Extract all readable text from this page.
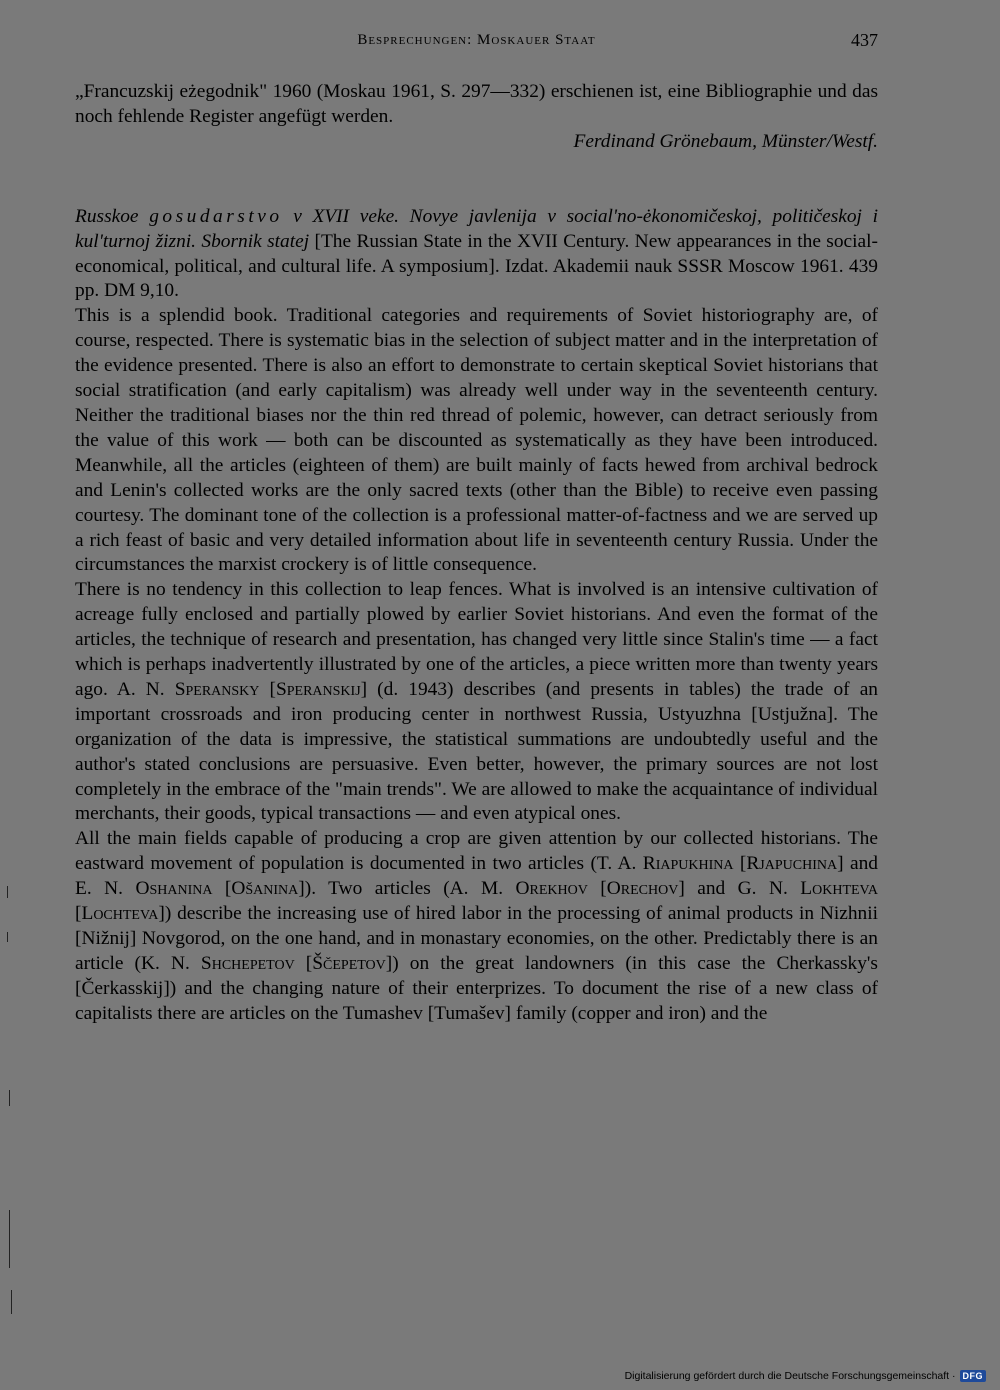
Besprechungen: Moskauer Staat	437

„Francuzskij eżegodnik" 1960 (Moskau 1961, S. 297—332) erschienen ist, eine Bibliographie und das noch fehlende Register angefügt werden.

Ferdinand Grönebaum, Münster/Westf.

Russkoe gosudarstvo v XVII veke. Novye javlenija v social'no-ėkonomičeskoj, političeskoj i kul'turnoj žizni. Sbornik statej [The Russian State in the XVII Century. New appearances in the social-economical, political, and cultural life. A symposium]. Izdat. Akademii nauk SSSR Moscow 1961. 439 pp. DM 9,10.

This is a splendid book. Traditional categories and requirements of Soviet historiography are, of course, respected. There is systematic bias in the selection of subject matter and in the interpretation of the evidence presented. There is also an effort to demonstrate to certain skeptical Soviet historians that social stratification (and early capitalism) was already well under way in the seventeenth century. Neither the traditional biases nor the thin red thread of polemic, however, can detract seriously from the value of this work — both can be discounted as systematically as they have been introduced. Meanwhile, all the articles (eighteen of them) are built mainly of facts hewed from archival bedrock and Lenin's collected works are the only sacred texts (other than the Bible) to receive even passing courtesy. The dominant tone of the collection is a professional matter-of-factness and we are served up a rich feast of basic and very detailed information about life in seventeenth century Russia. Under the circumstances the marxist crockery is of little consequence.

There is no tendency in this collection to leap fences. What is involved is an intensive cultivation of acreage fully enclosed and partially plowed by earlier Soviet historians. And even the format of the articles, the technique of research and presentation, has changed very little since Stalin's time — a fact which is perhaps inadvertently illustrated by one of the articles, a piece written more than twenty years ago. A. N. Speransky [Speranskij] (d. 1943) describes (and presents in tables) the trade of an important crossroads and iron producing center in northwest Russia, Ustyuzhna [Ustjužna]. The organization of the data is impressive, the statistical summations are undoubtedly useful and the author's stated conclusions are persuasive. Even better, however, the primary sources are not lost completely in the embrace of the "main trends". We are allowed to make the acquaintance of individual merchants, their goods, typical transactions — and even atypical ones.

All the main fields capable of producing a crop are given attention by our collected historians. The eastward movement of population is documented in two articles (T. A. Riapukhina [Rjapuchina] and E. N. Oshanina [Ošanina]). Two articles (A. M. Orekhov [Orechov] and G. N. Lokhteva [Lochteva]) describe the increasing use of hired labor in the processing of animal products in Nizhnii [Nižnij] Novgorod, on the one hand, and in monastary economies, on the other. Predictably there is an article (K. N. Shchepetov [Ščepetov]) on the great landowners (in this case the Cherkassky's [Čerkasskij]) and the changing nature of their enterprizes. To document the rise of a new class of capitalists there are articles on the Tumashev [Tumašev] family (copper and iron) and the

Digitalisierung gefördert durch die Deutsche Forschungsgemeinschaft · DFG
